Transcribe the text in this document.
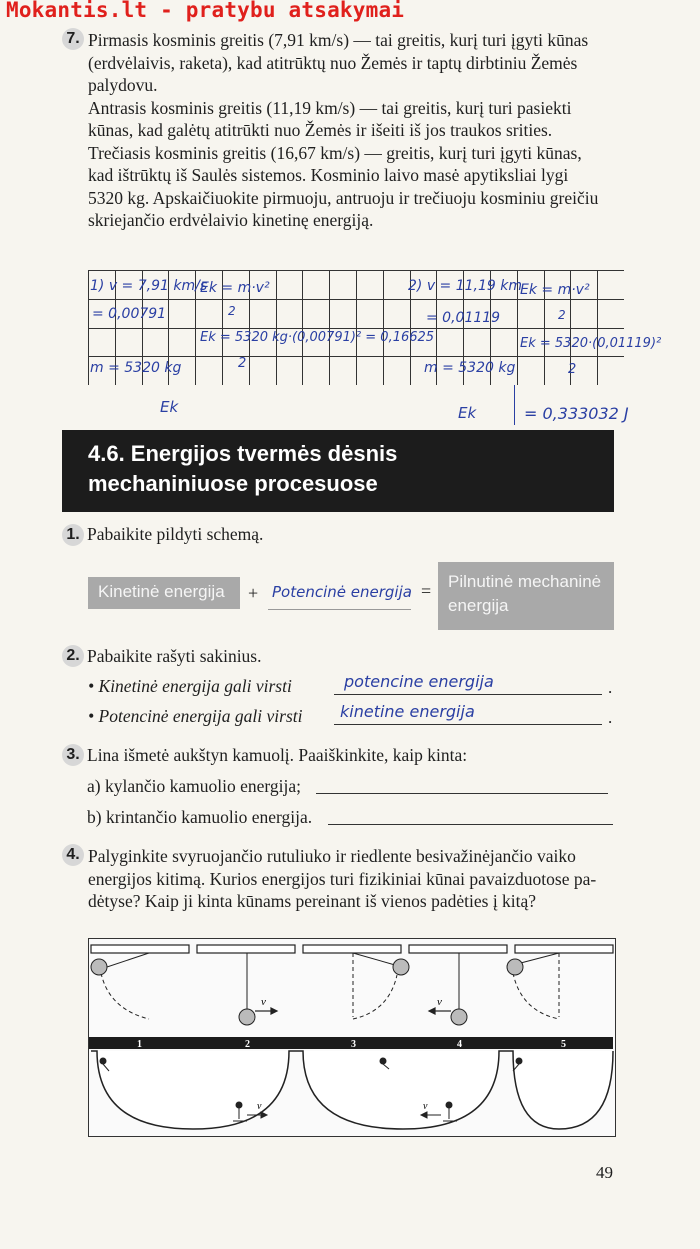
Mokantis.lt - pratybu atsakymai
7. Pirmasis kosminis greitis (7,91 km/s) — tai greitis, kurį turi įgyti kūnas
(erdvėlaivis, raketa), kad atitrūktų nuo Žemės ir taptų dirbtiniu Žemės
palydovu.
Antrasis kosminis greitis (11,19 km/s) — tai greitis, kurį turi pasiekti
kūnas, kad galėtų atitrūkti nuo Žemės ir išeiti iš jos traukos srities.
Trečiasis kosminis greitis (16,67 km/s) — greitis, kurį turi įgyti kūnas,
kad ištrūktų iš Saulės sistemos. Kosminio laivo masė apytiksliai lygi
5320 kg. Apskaičiuokite pirmuoju, antruoju ir trečiuoju kosminiu greičiu
skriejančio erdvėlaivio kinetinę energiją.
1) v = 7,91 km/s
= 0,00791
m = 5320 kg
Ek = m·v²
2
Ek = 5320 kg·(0,00791)² = 0,16625
2
2) v = 11,19 km
= 0,01119
m = 5320 kg
Ek = m·v²
2
Ek = 5320·(0,01119)²
2
Ek	Ek	= 0,333032 J
4.6. Energijos tvermės dėsnis
mechaniniuose procesuose
1. Pabaikite pildyti schemą.

Kinetinė energija	+ Potencinė energija = Pilnutinė mechaninė
energija
2. Pabaikite rašyti sakinius.

• Kinetinė energija gali virsti	potencine energija	.

• Potencinė energija gali virsti kinetine energija	.
3. Lina išmetė aukštyn kamuolį. Paaiškinkite, kaip kinta:

a) kylančio kamuolio energija;

b) krintančio kamuolio energija.

4. Palyginkite svyruojančio rutuliuko ir riedlente besivažinėjančio vaiko
energijos kitimą. Kurios energijos turi fizikiniai kūnai pavaizduotose pa-
dėtyse? Kaip ji kinta kūnams pereinant iš vienos padėties į kitą?
v	v
1	2	3	4	5
v	v
49
